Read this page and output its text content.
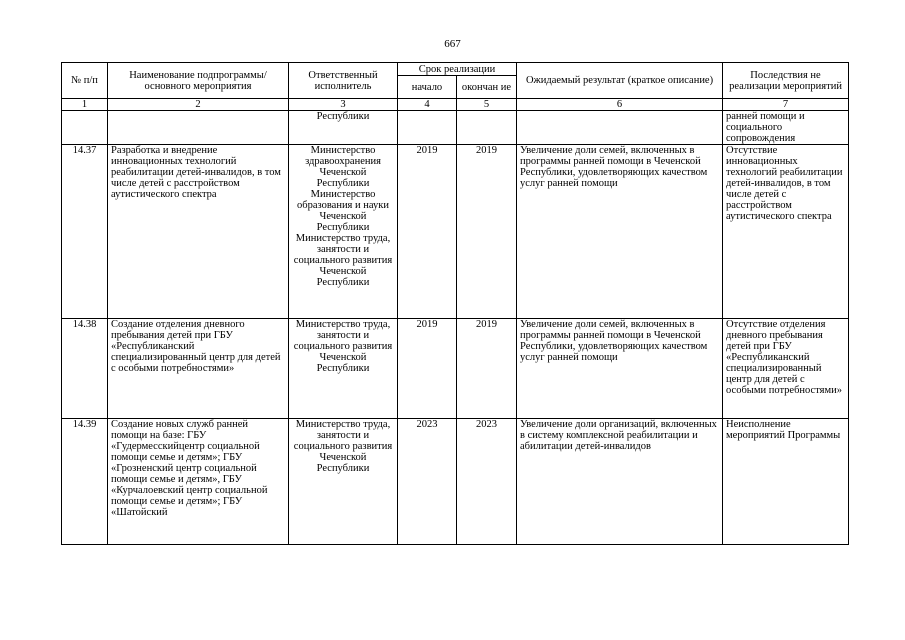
667
№ п/п	Наименование подпрограммы/ основного мероприятия	Ответственный исполнитель	Срок реализации		Ожидаемый результат (краткое описание)	Последствия не реализации мероприятий
			начало	окончан ие		
1	2	3	4	5	6	7
		Республики				ранней помощи и социального сопровождения
14.37	Разработка и внедрение инновационных технологий реабилитации детей-инвалидов, в том числе детей с расстройством аутистического спектра	Министерство здравоохранения Чеченской Республики Министерство образования и науки Чеченской Республики Министерство труда, занятости и социального развития Чеченской Республики	2019	2019	Увеличение доли семей, включенных в программы ранней помощи в Чеченской Республики, удовлетворяющих качеством услуг ранней помощи	Отсутствие инновационных технологий реабилитации детей-инвалидов, в том числе детей с расстройством аутистического спектра
14.38	Создание отделения дневного пребывания детей при ГБУ «Республиканский специализированный центр для детей с особыми потребностями»	Министерство труда, занятости и социального развития Чеченской Республики	2019	2019	Увеличение доли семей, включенных в программы ранней помощи в Чеченской Республики, удовлетворяющих качеством услуг ранней помощи	Отсутствие отделения дневного пребывания детей при ГБУ «Республиканский специализированный центр для детей с особыми потребностями»
14.39	Создание новых служб ранней помощи на базе: ГБУ «Гудермесскийцентр социальной помощи семье и детям»; ГБУ «Грозненский центр социальной помощи семье и детям», ГБУ «Курчалоевский центр социальной помощи семье и детям»; ГБУ «Шатойский	Министерство труда, занятости и социального развития Чеченской Республики	2023	2023	Увеличение доли организаций, включенных в систему комплексной реабилитации и абилитации детей-инвалидов	Неисполнение мероприятий Программы
